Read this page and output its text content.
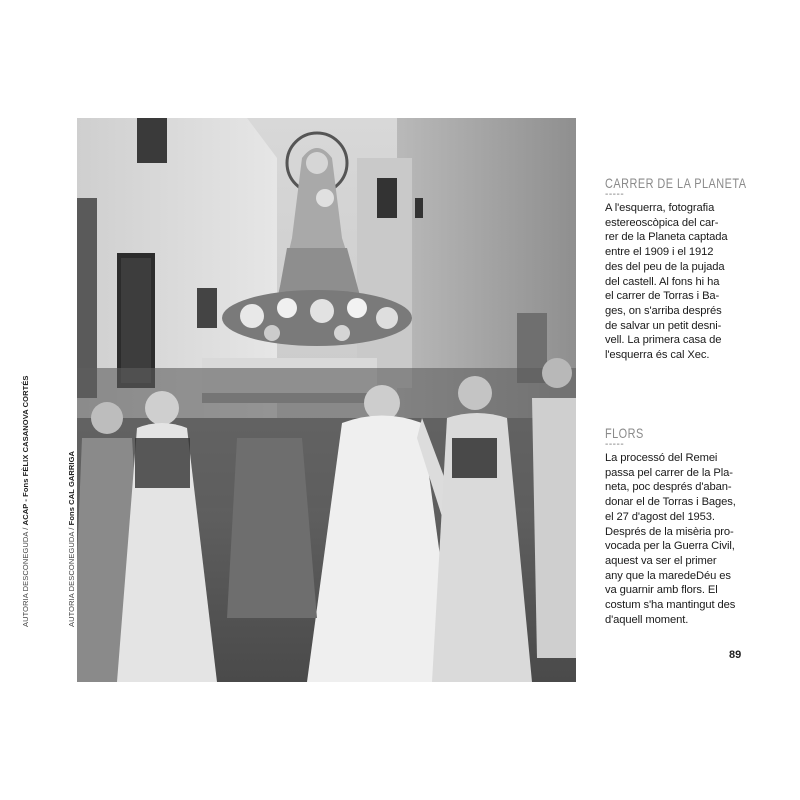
AUTORIA DESCONEGUDA / ACAP - Fons FÈLIX CASANOVA CORTÉS
AUTORIA DESCONEGUDA / Fons CAL GARRIGA
CARRER DE LA PLANETA
-----

A l'esquerra, fotografia
estereoscòpica del car-
rer de la Planeta captada
entre el 1909 i el 1912
des del peu de la pujada
del castell. Al fons hi ha
el carrer de Torras i Ba-
ges, on s'arriba després
de salvar un petit desni-
vell. La primera casa de
l'esquerra és cal Xec.

FLORS
-----

La processó del Remei
passa pel carrer de la Pla-
neta, poc després d'aban-
donar el de Torras i Bages,
el 27 d'agost del 1953.
Després de la misèria pro-
vocada per la Guerra Civil,
aquest va ser el primer
any que la maredeDéu es
va guarnir amb flors. El
costum s'ha mantingut des
d'aquell moment.

89
